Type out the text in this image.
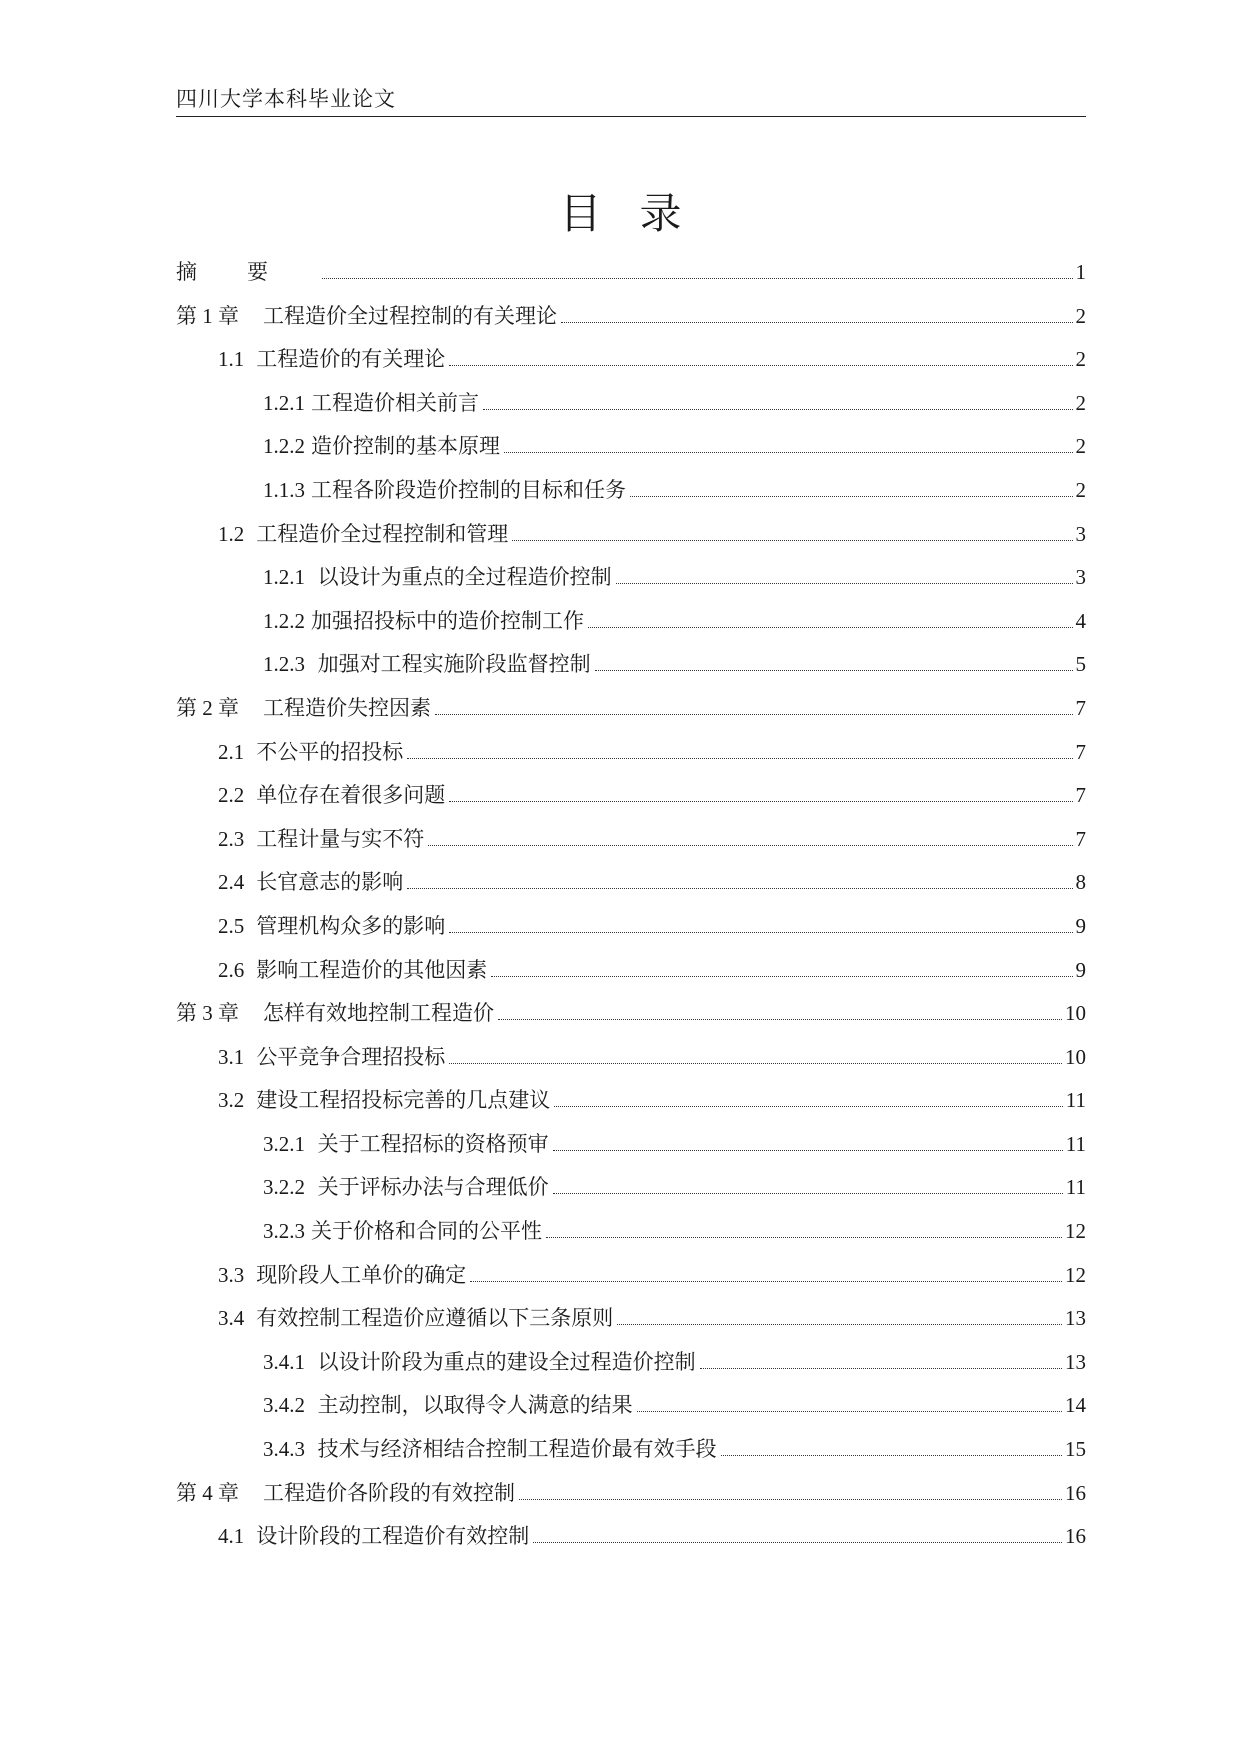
四川大学本科毕业论文
目录
摘要	1
第 1 章 工程造价全过程控制的有关理论	2
1.1 工程造价的有关理论	2
1.2.1 工程造价相关前言	2
1.2.2 造价控制的基本原理	2
1.1.3 工程各阶段造价控制的目标和任务	2
1.2 工程造价全过程控制和管理	3
1.2.1 以设计为重点的全过程造价控制	3
1.2.2 加强招投标中的造价控制工作	4
1.2.3 加强对工程实施阶段监督控制	5
第 2 章 工程造价失控因素	7
2.1 不公平的招投标	7
2.2 单位存在着很多问题	7
2.3 工程计量与实不符	7
2.4 长官意志的影响	8
2.5 管理机构众多的影响	9
2.6 影响工程造价的其他因素	9
第 3 章 怎样有效地控制工程造价	10
3.1 公平竞争合理招投标	10
3.2 建设工程招投标完善的几点建议	11
3.2.1 关于工程招标的资格预审	11
3.2.2 关于评标办法与合理低价	11
3.2.3 关于价格和合同的公平性	12
3.3 现阶段人工单价的确定	12
3.4 有效控制工程造价应遵循以下三条原则	13
3.4.1 以设计阶段为重点的建设全过程造价控制	13
3.4.2 主动控制，以取得令人满意的结果	14
3.4.3 技术与经济相结合控制工程造价最有效手段	15
第 4 章 工程造价各阶段的有效控制	16
4.1 设计阶段的工程造价有效控制	16
